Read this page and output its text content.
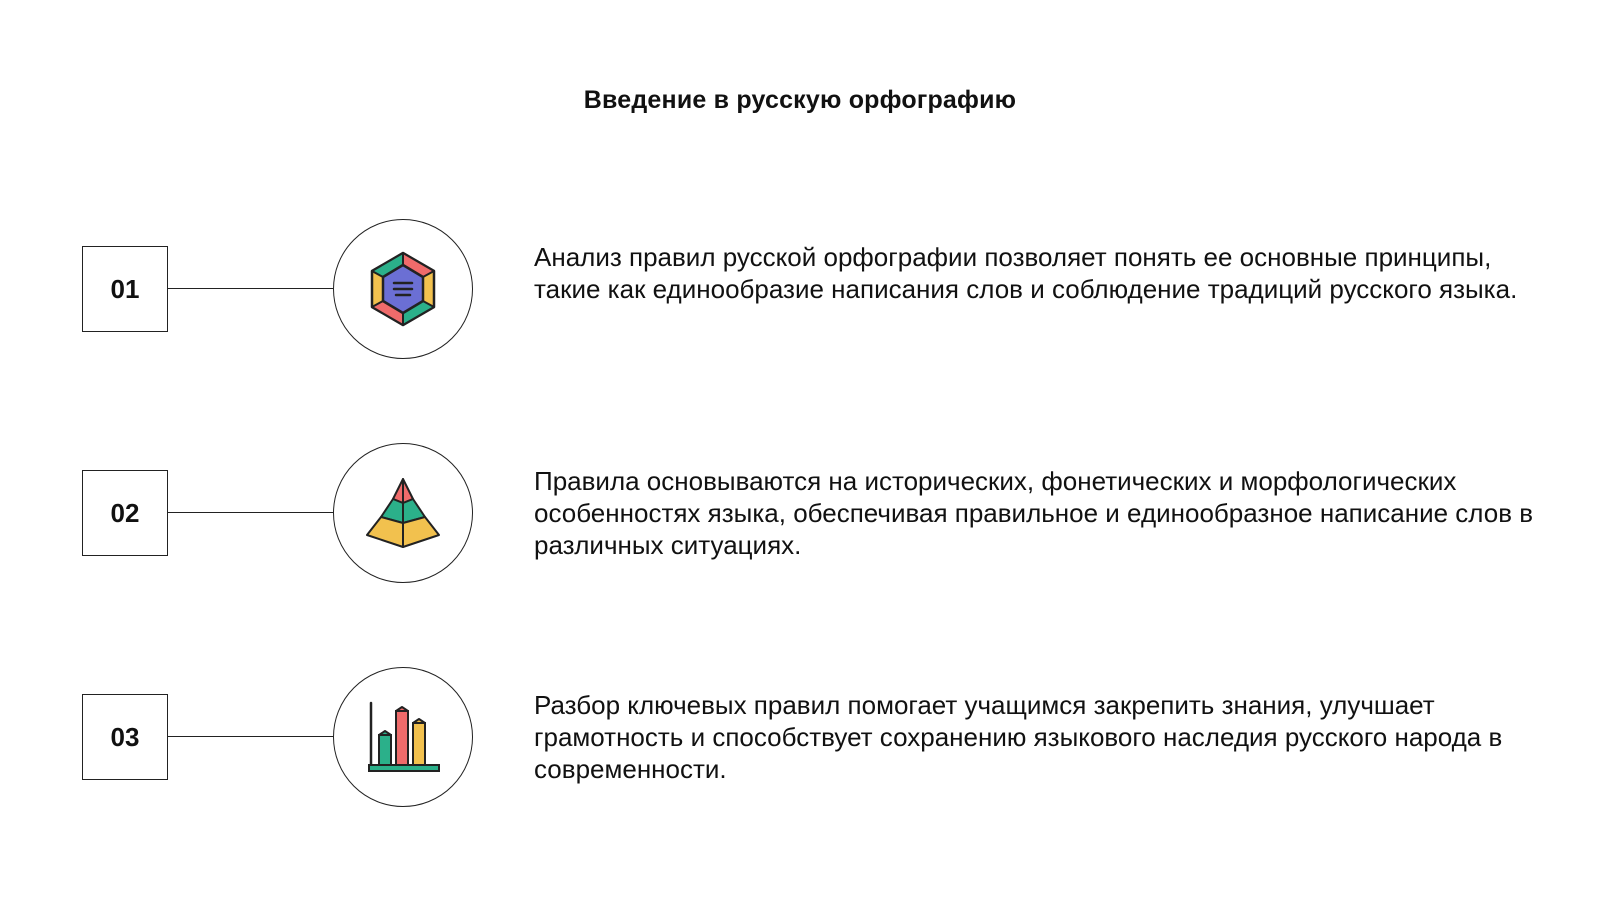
Введение в русскую орфографию
01
Анализ правил русской орфографии позволяет понять ее основные принципы, такие как единообразие написания слов и соблюдение традиций русского языка.
02
Правила основываются на исторических, фонетических и морфологических особенностях языка, обеспечивая правильное и единообразное написание слов в различных ситуациях.
03
Разбор ключевых правил помогает учащимся закрепить знания, улучшает грамотность и способствует сохранению языкового наследия русского народа в современности.
